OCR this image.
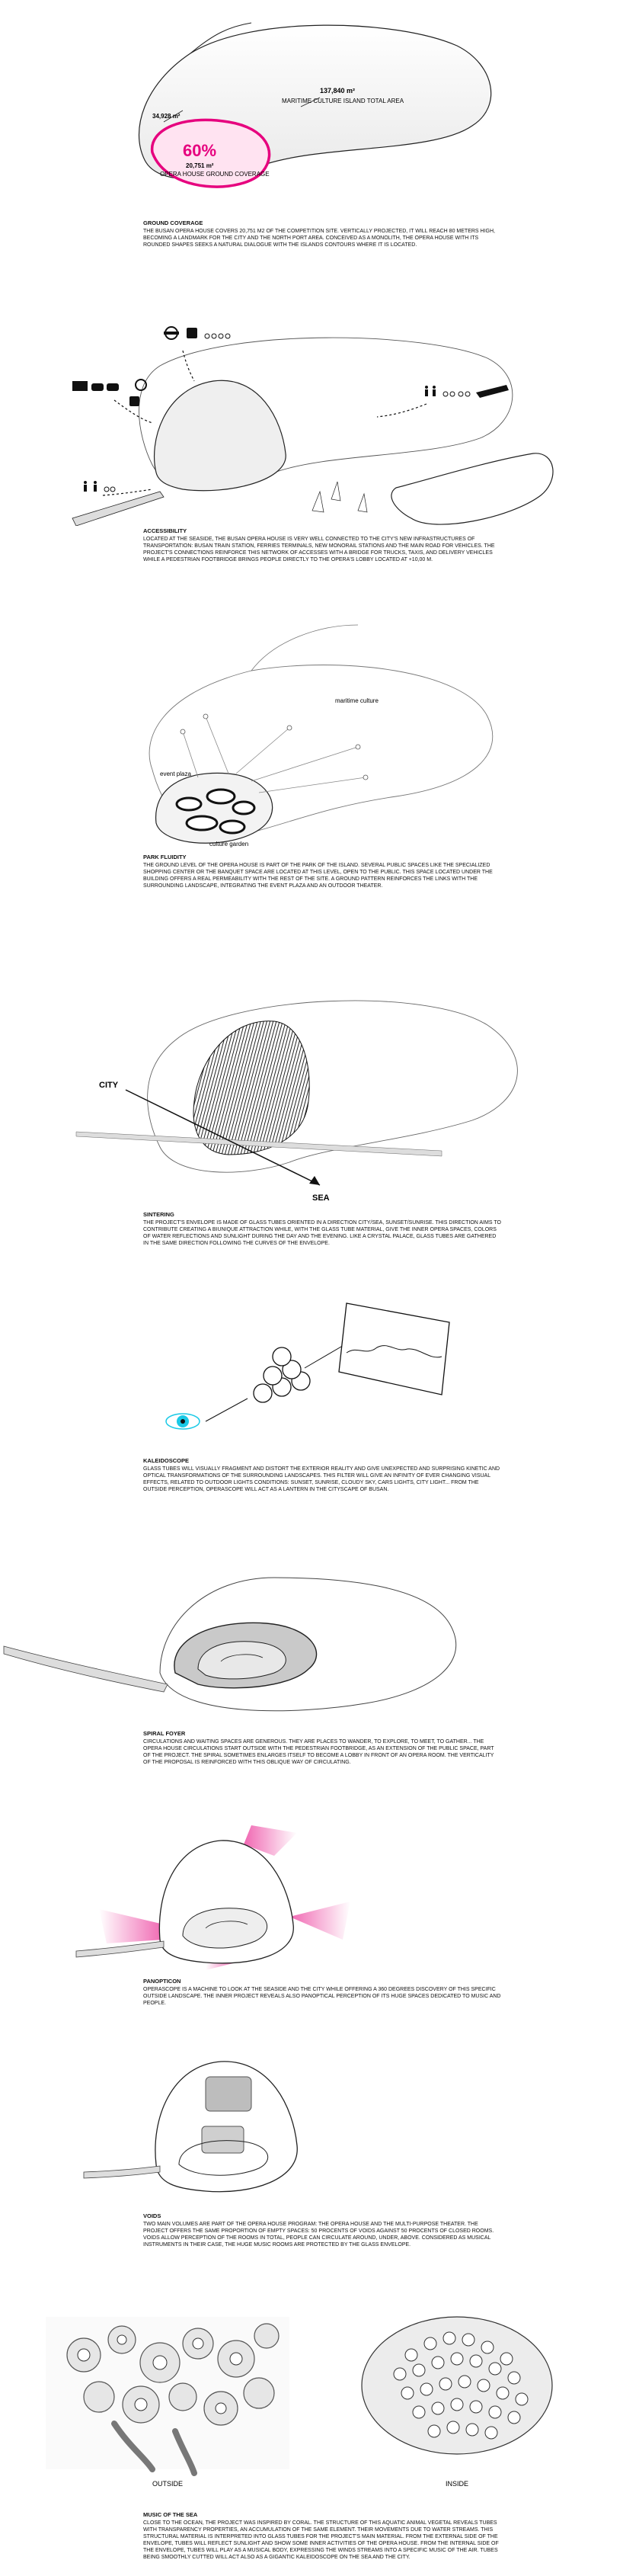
137,840 m²
MARITIME CULTURE ISLAND TOTAL AREA
34,928 m²
60%
20,751 m²
OPERA HOUSE GROUND COVERAGE
GROUND COVERAGE

THE BUSAN OPERA HOUSE COVERS 20,751 M2 OF THE COMPETITION SITE. VERTICALLY PROJECTED, IT WILL REACH 80 METERS HIGH, BECOMING A LANDMARK FOR THE CITY AND THE NORTH PORT AREA. CONCEIVED AS A MONOLITH, THE OPERA HOUSE WITH ITS ROUNDED SHAPES SEEKS A NATURAL DIALOGUE WITH THE ISLANDS CONTOURS WHERE IT IS LOCATED.

ACCESSIBILITY

LOCATED AT THE SEASIDE, THE BUSAN OPERA HOUSE IS VERY WELL CONNECTED TO THE CITY'S NEW INFRASTRUCTURES OF TRANSPORTATION: BUSAN TRAIN STATION, FERRIES TERMINALS, NEW MONORAIL STATIONS AND THE MAIN ROAD FOR VEHICLES. THE PROJECT'S CONNECTIONS REINFORCE THIS NETWORK OF ACCESSES WITH A BRIDGE FOR TRUCKS, TAXIS, AND DELIVERY VEHICLES WHILE A PEDESTRIAN FOOTBRIDGE BRINGS PEOPLE DIRECTLY TO THE OPERA'S LOBBY LOCATED AT +10,00 M.

maritime culture
event plaza
culture garden
PARK FLUIDITY

THE GROUND LEVEL OF THE OPERA HOUSE IS PART OF THE PARK OF THE ISLAND. SEVERAL PUBLIC SPACES LIKE THE SPECIALIZED SHOPPING CENTER OR THE BANQUET SPACE ARE LOCATED AT THIS LEVEL, OPEN TO THE PUBLIC. THIS SPACE LOCATED UNDER THE BUILDING OFFERS A REAL PERMEABILITY WITH THE REST OF THE SITE. A GROUND PATTERN REINFORCES THE LINKS WITH THE SURROUNDING LANDSCAPE, INTEGRATING THE EVENT PLAZA AND AN OUTDOOR THEATER.

CITY
SEA
SINTERING

THE PROJECT'S ENVELOPE IS MADE OF GLASS TUBES ORIENTED IN A DIRECTION CITY/SEA, SUNSET/SUNRISE. THIS DIRECTION AIMS TO CONTRIBUTE CREATING A BIUNIQUE ATTRACTION WHILE, WITH THE GLASS TUBE MATERIAL, GIVE THE INNER OPERA SPACES, COLORS OF WATER REFLECTIONS AND SUNLIGHT DURING THE DAY AND THE EVENING. LIKE A CRYSTAL PALACE, GLASS TUBES ARE GATHERED IN THE SAME DIRECTION FOLLOWING THE CURVES OF THE ENVELOPE.

KALEIDOSCOPE

GLASS TUBES WILL VISUALLY FRAGMENT AND DISTORT THE EXTERIOR REALITY AND GIVE UNEXPECTED AND SURPRISING KINETIC AND OPTICAL TRANSFORMATIONS OF THE SURROUNDING LANDSCAPES. THIS FILTER WILL GIVE AN INFINITY OF EVER CHANGING VISUAL EFFECTS, RELATED TO OUTDOOR LIGHTS CONDITIONS: SUNSET, SUNRISE, CLOUDY SKY, CARS LIGHTS, CITY LIGHT... FROM THE OUTSIDE PERCEPTION, OPERASCOPE WILL ACT AS A LANTERN IN THE CITYSCAPE OF BUSAN.

SPIRAL FOYER

CIRCULATIONS AND WAITING SPACES ARE GENEROUS. THEY ARE PLACES TO WANDER, TO EXPLORE, TO MEET, TO GATHER... THE OPERA HOUSE CIRCULATIONS START OUTSIDE WITH THE PEDESTRIAN FOOTBRIDGE, AS AN EXTENSION OF THE PUBLIC SPACE, PART OF THE PROJECT. THE SPIRAL SOMETIMES ENLARGES ITSELF TO BECOME A LOBBY IN FRONT OF AN OPERA ROOM. THE VERTICALITY OF THE PROPOSAL IS REINFORCED WITH THIS OBLIQUE WAY OF CIRCULATING.

PANOPTICON

OPERASCOPE IS A MACHINE TO LOOK AT THE SEASIDE AND THE CITY WHILE OFFERING A 360 DEGREES DISCOVERY OF THIS SPECIFIC OUTSIDE LANDSCAPE. THE INNER PROJECT REVEALS ALSO PANOPTICAL PERCEPTION OF ITS HUGE SPACES DEDICATED TO MUSIC AND PEOPLE.

VOIDS

TWO MAIN VOLUMES ARE PART OF THE OPERA HOUSE PROGRAM: THE OPERA HOUSE AND THE MULTI-PURPOSE THEATER. THE PROJECT OFFERS THE SAME PROPORTION OF EMPTY SPACES: 50 PROCENTS OF VOIDS AGAINST 50 PROCENTS OF CLOSED ROOMS. VOIDS ALLOW PERCEPTION OF THE ROOMS IN TOTAL, PEOPLE CAN CIRCULATE AROUND, UNDER, ABOVE. CONSIDERED AS MUSICAL INSTRUMENTS IN THEIR CASE, THE HUGE MUSIC ROOMS ARE PROTECTED BY THE GLASS ENVELOPE.

OUTSIDE	INSIDE
MUSIC OF THE SEA

CLOSE TO THE OCEAN, THE PROJECT WAS INSPIRED BY CORAL. THE STRUCTURE OF THIS AQUATIC ANIMAL VEGETAL REVEALS TUBES WITH TRANSPARENCY PROPERTIES, AN ACCUMULATION OF THE SAME ELEMENT. THEIR MOVEMENTS DUE TO WATER STREAMS. THIS STRUCTURAL MATERIAL IS INTERPRETED INTO GLASS TUBES FOR THE PROJECT'S MAIN MATERIAL. FROM THE EXTERNAL SIDE OF THE ENVELOPE, TUBES WILL REFLECT SUNLIGHT AND SHOW SOME INNER ACTIVITIES OF THE OPERA HOUSE. FROM THE INTERNAL SIDE OF THE ENVELOPE, TUBES WILL PLAY AS A MUSICAL BODY, EXPRESSING THE WINDS STREAMS INTO A SPECIFIC MUSIC OF THE AIR. TUBES BEING SMOOTHLY CUTTED WILL ACT ALSO AS A GIGANTIC KALEIDOSCOPE ON THE SEA AND THE CITY.
